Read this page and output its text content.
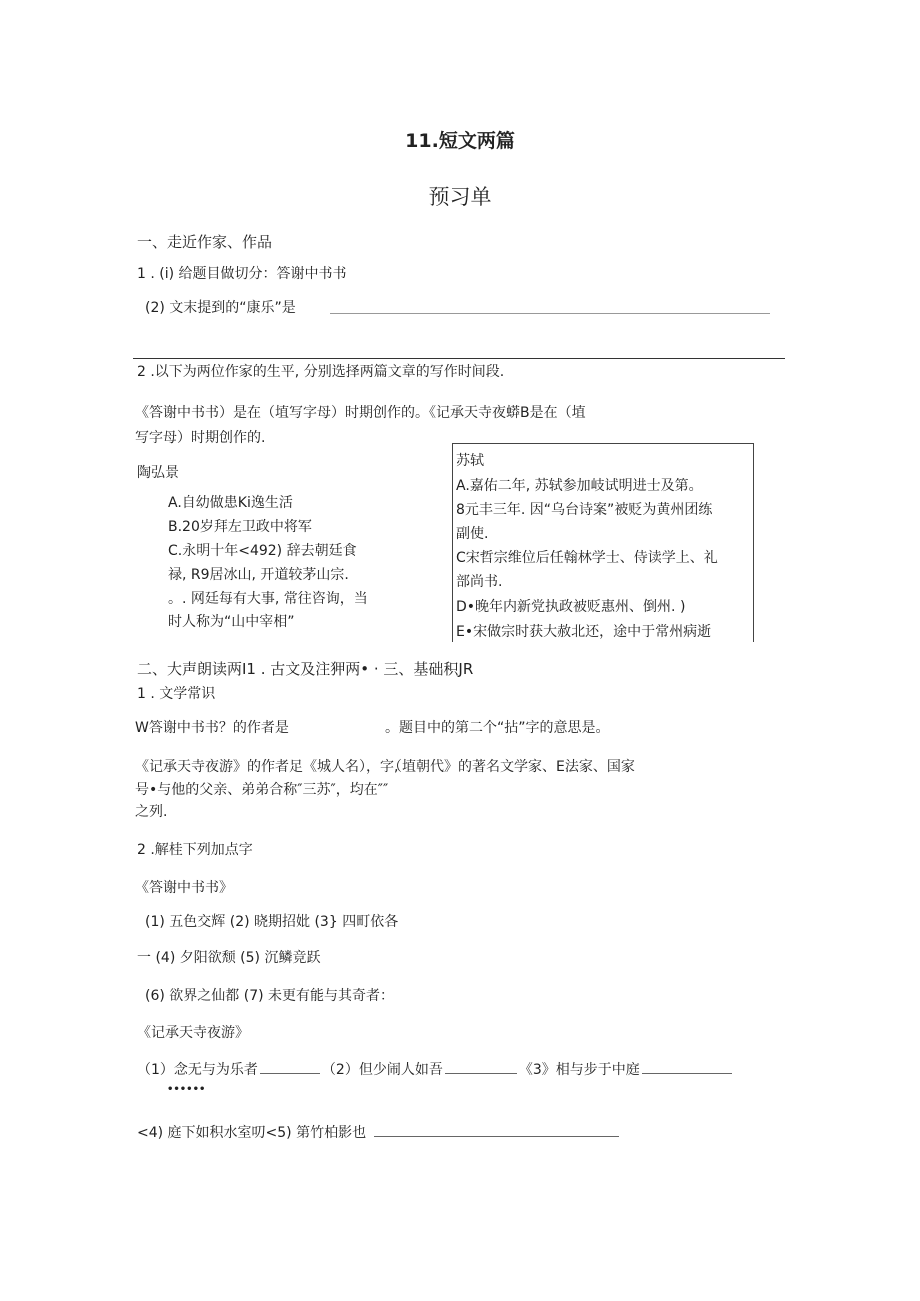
11.短文两篇
预习单
一、走近作家、作品
1 . (i) 给题目做切分：答谢中书书
(2) 文末提到的“康乐”是
2 .以下为两位作家的生平, 分别选择两篇文章的写作时间段.
《答谢中书书）是在（埴写字母）时期创作的。《记承天寺夜蟒B是在（埴
写字母）时期创作的.
陶弘景
A.自幼做患Ki逸生活
B.20岁拜左卫政中将军
C.永明十年<492) 辞去朝廷食
禄, R9居冰山, 开道较茅山宗.
。. 网廷每有大事, 常往咨询，当
时人称为“山中宰相”
苏轼
A.嘉佑二年, 苏轼参加岐试明进士及第。
8元丰三年. 因“乌台诗案”被贬为黄州团练
副使.
C宋哲宗维位后任翰林学士、侍读学上、礼
部尚书.
D•晚年内新党执政被贬惠州、倒州. )
E•宋做宗时获大赦北还，途中于常州病逝
二、大声朗读两I1 . 古文及注狎两• · 三、基础积JR
1 . 文学常识
W答谢中书书？的作者是	。题目中的第二个“拈”字的意思是。
《记承天寺夜游》的作者足《城人名），字,
（埴朝代》的著名文学家、E法家、国家
号•与他的父亲、弟弟合称″三苏″，均在″″
之列.
2 .解桂下列加点字
《答谢中书书》
(1) 五色交辉 (2) 晓期招妣 (3} 四町依各
一 (4) 夕阳欲颓 (5) 沉鳞竞跃
(6) 欲界之仙都 (7) 未更有能与其奇者：
《记承天寺夜游》
（1）念无与为乐者	（2）但少闹人如吾	《3》相与步于中庭
••••••
<4) 庭下如积水室叨<5) 第竹柏影也
